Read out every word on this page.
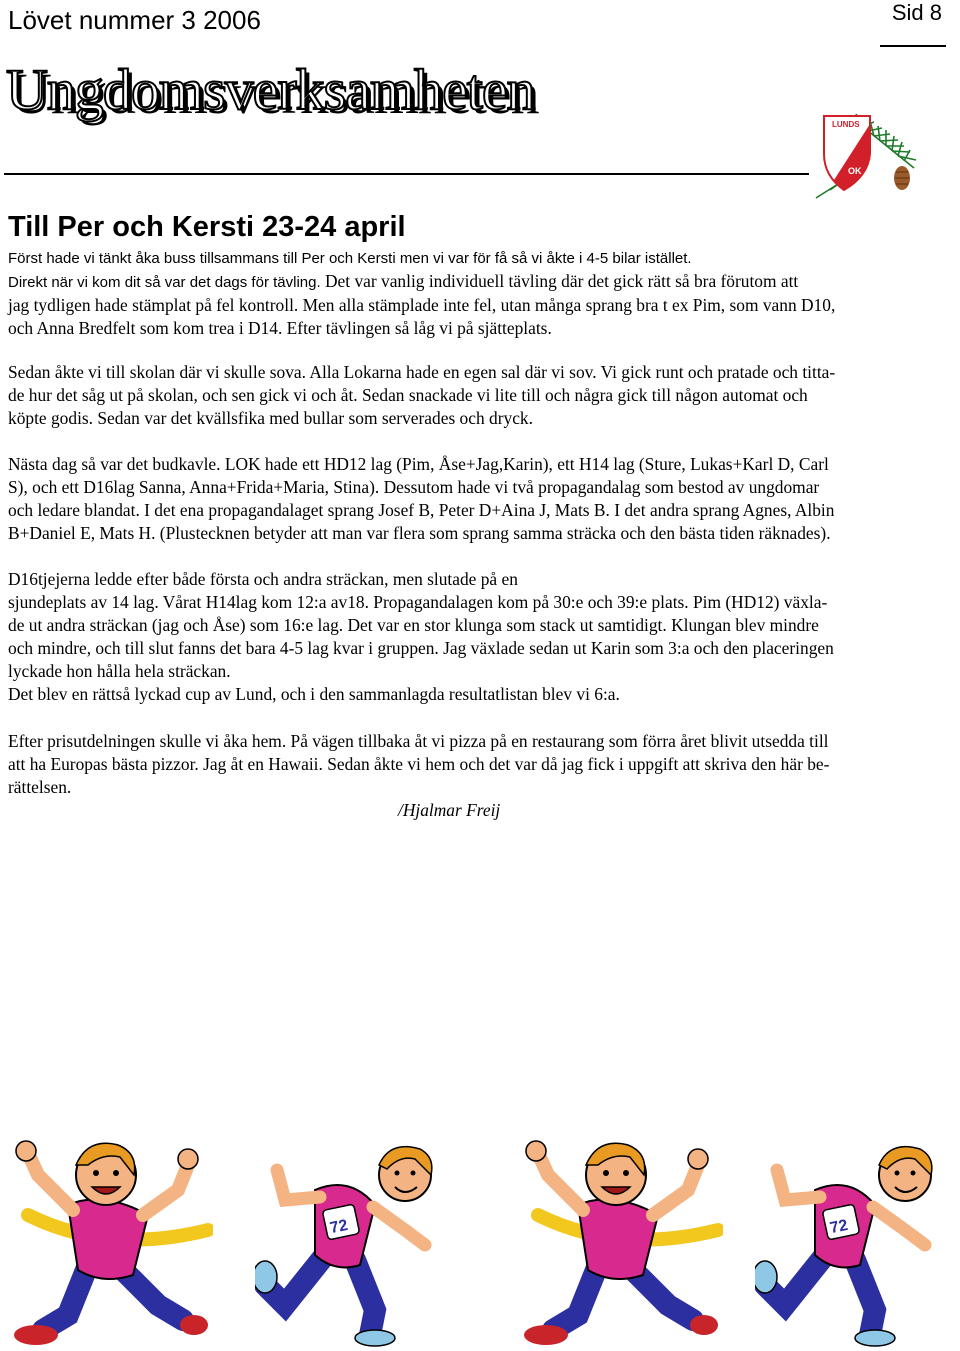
Lövet nummer 3 2006	Sid 8
Ungdomsverksamheten
LUNDS
OK
Till Per och Kersti 23-24 april

Först hade vi tänkt åka buss tillsammans till Per och Kersti men vi var för få så vi åkte i 4-5 bilar istället.
Direkt när vi kom dit så var det dags för tävling. Det var vanlig individuell tävling där det gick rätt så bra förutom att
jag tydligen hade stämplat på fel kontroll. Men alla stämplade inte fel, utan många sprang bra t ex Pim, som vann D10,
och Anna Bredfelt som kom trea i D14. Efter tävlingen så låg vi på sjätteplats.

Sedan åkte vi till skolan där vi skulle sova. Alla Lokarna hade en egen sal där vi sov. Vi gick runt och pratade och titta-
de hur det såg ut på skolan, och sen gick vi och åt. Sedan snackade vi lite till och några gick till någon automat och
köpte godis. Sedan var det kvällsfika med bullar som serverades och dryck.

Nästa dag så var det budkavle. LOK hade ett HD12 lag (Pim, Åse+Jag,Karin), ett H14 lag (Sture, Lukas+Karl D, Carl
S), och ett D16lag Sanna, Anna+Frida+Maria, Stina). Dessutom hade vi två propagandalag som bestod av ungdomar
och ledare blandat. I det ena propagandalaget sprang Josef B, Peter D+Aina J, Mats B. I det andra sprang Agnes, Albin
B+Daniel E, Mats H. (Plustecknen betyder att man var flera som sprang samma sträcka och den bästa tiden räknades).

D16tjejerna ledde efter både första och andra sträckan, men slutade på en
sjundeplats av 14 lag. Vårat H14lag kom 12:a av18. Propagandalagen kom på 30:e och 39:e plats. Pim (HD12) växla-
de ut andra sträckan (jag och Åse) som 16:e lag. Det var en stor klunga som stack ut samtidigt. Klungan blev mindre
och mindre, och till slut fanns det bara 4-5 lag kvar i gruppen. Jag växlade sedan ut Karin som 3:a och den placeringen
lyckade hon hålla hela sträckan.
Det blev en rättså lyckad cup av Lund, och i den sammanlagda resultatlistan blev vi 6:a.

Efter prisutdelningen skulle vi åka hem. På vägen tillbaka åt vi pizza på en restaurang som förra året blivit utsedda till
att ha Europas bästa pizzor. Jag åt en Hawaii. Sedan åkte vi hem och det var då jag fick i uppgift att skriva den här be-
rättelsen.

/Hjalmar Freij
72	72
